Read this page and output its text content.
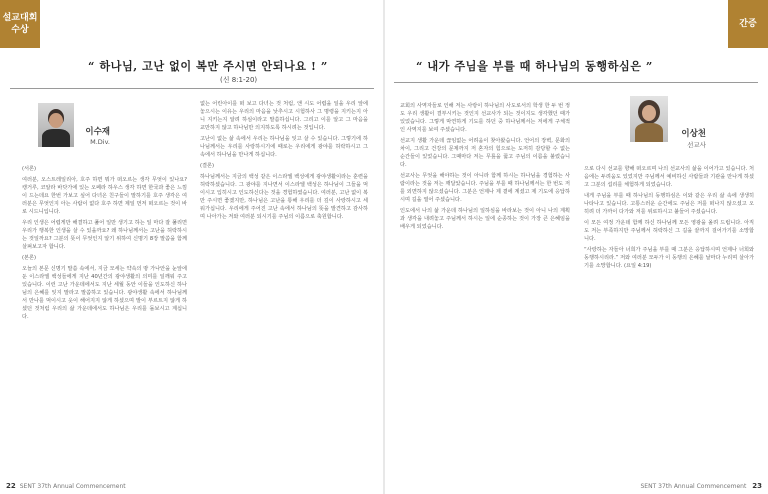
설교대회
수상
“ 하나님, 고난 없이 복만 주시면 안되나요 ! ”
(신 8:1-20)
이수재
M.Div.

(서론)

여러분, 오스트레일리아, 호주 하면 뭐가 떠오르는 생각 무엇이 있나요? 캥거루, 코알라 바닷가에 있는 오페라 하우스 생각 하면 한국과 좋은 느낌이 드는데요 한번 가보고 싶어 다녀온 친구들이 말하기를 호주 생각은 여러분은 무엇인지 아는 사람이 없다 호주 하면 제일 먼저 떠오르는 것이 바로 시드니입니다.

우리 인생은 어렵게만 해결하고 풀어 일만 생기고 하는 일 마다 잘 풀리면 우리가 행복한 인생을 살 수 있을까요? 왜 하나님께서는 고난을 허락하시는 것일까요? 그분의 뜻이 무엇인지 알기 위하여 신명기 8장 말씀을 함께 살펴보고자 합니다.

(본론)

오늘의 본문 신명기 말씀 속에서, 지금 모세는 약속의 땅 가나안을 눈앞에 둔 이스라엘 백성들에게 지난 40년간의 광야생활의 의미를 일깨워 주고 있습니다. 이런 고난 가운데에서도 지난 세월 동안 이들을 인도하신 하나님의 은혜를 잊지 말라고 말씀하고 있습니다. 광야생활 속에서 하나님께서 만나를 먹이시고 옷이 해어지지 않게 하셨으며 발이 부르트지 않게 하셨던 것처럼 우리의 삶 가운데에서도 하나님은 우리를 돌보시고 계십니다.

없는 어린아이를 떠 보고 다녀는 것 처럼, 앤 시도 어렵을 일을 우리 앞에 놓으시는 이유는 우리의 마음을 낮추시고 시험하사 그 명령을 지키는지 아니 지키는지 알려 하심이라고 말씀하십니다. 그리고 이를 알고 그 마음을 교만하지 않고 하나님만 의지하도록 하시려는 것입니다.

고난이 없는 삶 속에서 우리는 하나님을 잊고 살 수 있습니다. 그렇기에 하나님께서는 우리를 사랑하시기에 때로는 우리에게 광야를 허락하시고 그 속에서 하나님을 만나게 하십니다.

(결론)

하나님께서는 지금의 백성 같은 이스라엘 백성에게 광야생활이라는 훈련을 허락하셨습니다. 그 광야를 지나면서 이스라엘 백성은 하나님이 그들을 먹이시고 입히시고 인도하신다는 것을 경험하였습니다. 여러분, 고난 없이 복만 주시면 좋겠지만, 하나님은 고난을 통해 우리를 더 깊이 사랑하시고 세워가십니다. 우리에게 주어진 고난 속에서 하나님의 뜻을 발견하고 감사하며 나아가는 저와 여러분 되시기를 주님의 이름으로 축원합니다.

22 SENT 37th Annual Commencement
간증
“ 내가 주님을 부를 때 하나님의 동행하심은 ”

교회의 사역자들로 인해 저는 사랑이 하나님의 사도로서의 학생 한 두 번 정도 우리 생활이 결부시키는 것인지 선교사가 되는 것이지도 생각했던 때가 있었습니다. 그렇게 막연하게 기도를 하던 중 하나님께서는 저에게 구체적인 사역지를 보여 주셨습니다.

선교지 생활 가운데 끊임없는 어려움이 찾아왔습니다. 언어의 장벽, 문화의 차이, 그리고 건강의 문제까지 저 혼자의 힘으로는 도저히 감당할 수 없는 순간들이 있었습니다. 그때마다 저는 무릎을 꿇고 주님의 이름을 불렀습니다.

선교사는 무엇을 해야하는 것이 아니라 함께 하시는 하나님을 경험하는 사람이라는 것을 저는 깨달았습니다. 주님을 부를 때 하나님께서는 한 번도 저를 외면하지 않으셨습니다. 그분은 언제나 제 곁에 계셨고 제 기도에 응답하시며 길을 열어 주셨습니다.

인도에서 나의 삶 가운데 하나님의 일하심을 바라보는 것이 아니 나의 계획과 생각을 내려놓고 주님께서 하시는 일에 순종하는 것이 가장 큰 은혜임을 배우게 되었습니다.

이상천
선교사

으로 다시 선교를 향해 떠오르며 나의 선교사의 삶을 이어가고 있습니다. 처음에는 두려움도 있었지만 주님께서 예비하신 사람들과 기관을 만나게 하셨고 그분의 섭리를 체험하게 되었습니다.

내게 주님을 부를 때 하나님의 동행하심은 이와 같은 우리 삶 속에 생생히 나타나고 있습니다. 고통스러운 순간에도 주님은 저를 떠나지 않으셨고 오히려 더 가까이 다가와 저를 위로하시고 붙들어 주셨습니다.

이 모든 여정 가운데 함께 하신 하나님께 모든 영광을 올려 드립니다. 아직도 저는 부족하지만 주님께서 허락하신 그 길을 끝까지 걸어가기를 소망합니다.

“사랑하는 자들아 너희가 주님을 부를 때 그분은 응답하시며 언제나 너희와 동행하시리라.” 저와 여러분 모두가 이 동행의 은혜를 날마다 누리며 살아가기를 소망합니다. (요일 4:19)

SENT 37th Annual Commencement 23
